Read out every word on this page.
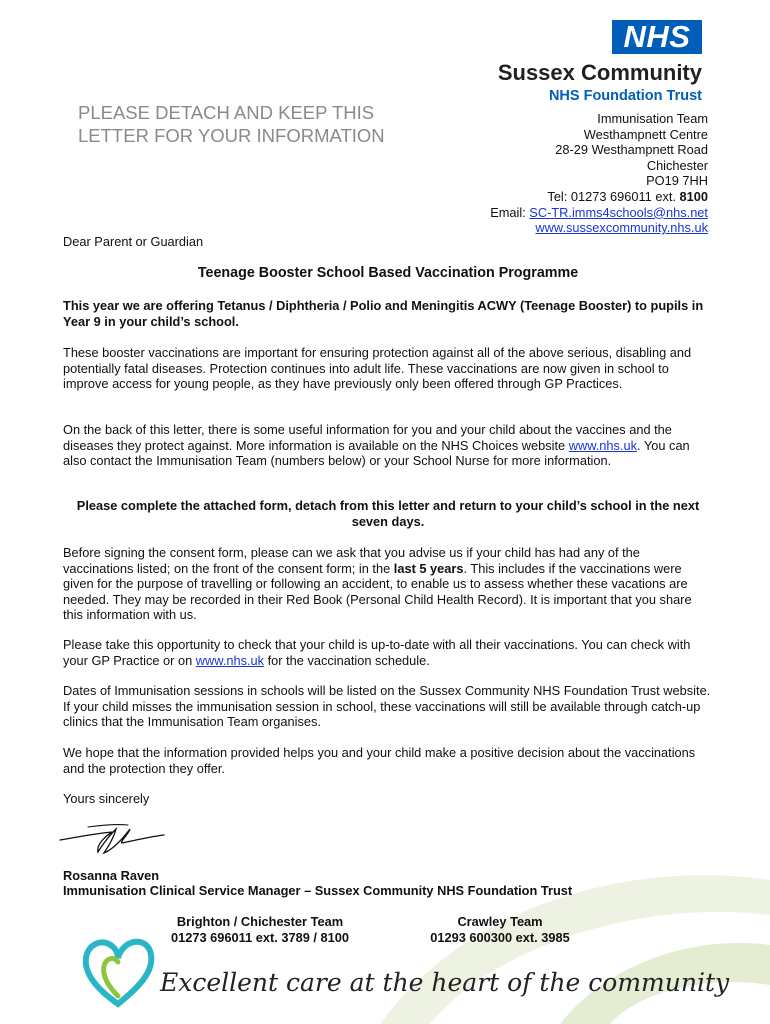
NHS
Sussex Community
NHS Foundation Trust
PLEASE DETACH AND KEEP THIS
LETTER FOR YOUR INFORMATION
Immunisation Team
Westhampnett Centre
28-29 Westhampnett Road
Chichester
PO19 7HH
Tel: 01273 696011 ext. 8100
Email: SC-TR.imms4schools@nhs.net
www.sussexcommunity.nhs.uk
Dear Parent or Guardian
Teenage Booster School Based Vaccination Programme
This year we are offering Tetanus / Diphtheria / Polio and Meningitis ACWY (Teenage Booster) to pupils in Year 9 in your child’s school.
These booster vaccinations are important for ensuring protection against all of the above serious, disabling and potentially fatal diseases. Protection continues into adult life. These vaccinations are now given in school to improve access for young people, as they have previously only been offered through GP Practices.
On the back of this letter, there is some useful information for you and your child about the vaccines and the diseases they protect against. More information is available on the NHS Choices website www.nhs.uk. You can also contact the Immunisation Team (numbers below) or your School Nurse for more information.
Please complete the attached form, detach from this letter and return to your child’s school in the next seven days.
Before signing the consent form, please can we ask that you advise us if your child has had any of the vaccinations listed; on the front of the consent form; in the last 5 years. This includes if the vaccinations were given for the purpose of travelling or following an accident, to enable us to assess whether these vacations are needed. They may be recorded in their Red Book (Personal Child Health Record). It is important that you share this information with us.
Please take this opportunity to check that your child is up-to-date with all their vaccinations. You can check with your GP Practice or on www.nhs.uk for the vaccination schedule.
Dates of Immunisation sessions in schools will be listed on the Sussex Community NHS Foundation Trust website. If your child misses the immunisation session in school, these vaccinations will still be available through catch-up clinics that the Immunisation Team organises.
We hope that the information provided helps you and your child make a positive decision about the vaccinations and the protection they offer.
Yours sincerely
Rosanna Raven
Immunisation Clinical Service Manager – Sussex Community NHS Foundation Trust
Brighton / Chichester Team
01273 696011 ext. 3789 / 8100
Crawley Team
01293 600300 ext. 3985
Excellent care at the heart of the community
